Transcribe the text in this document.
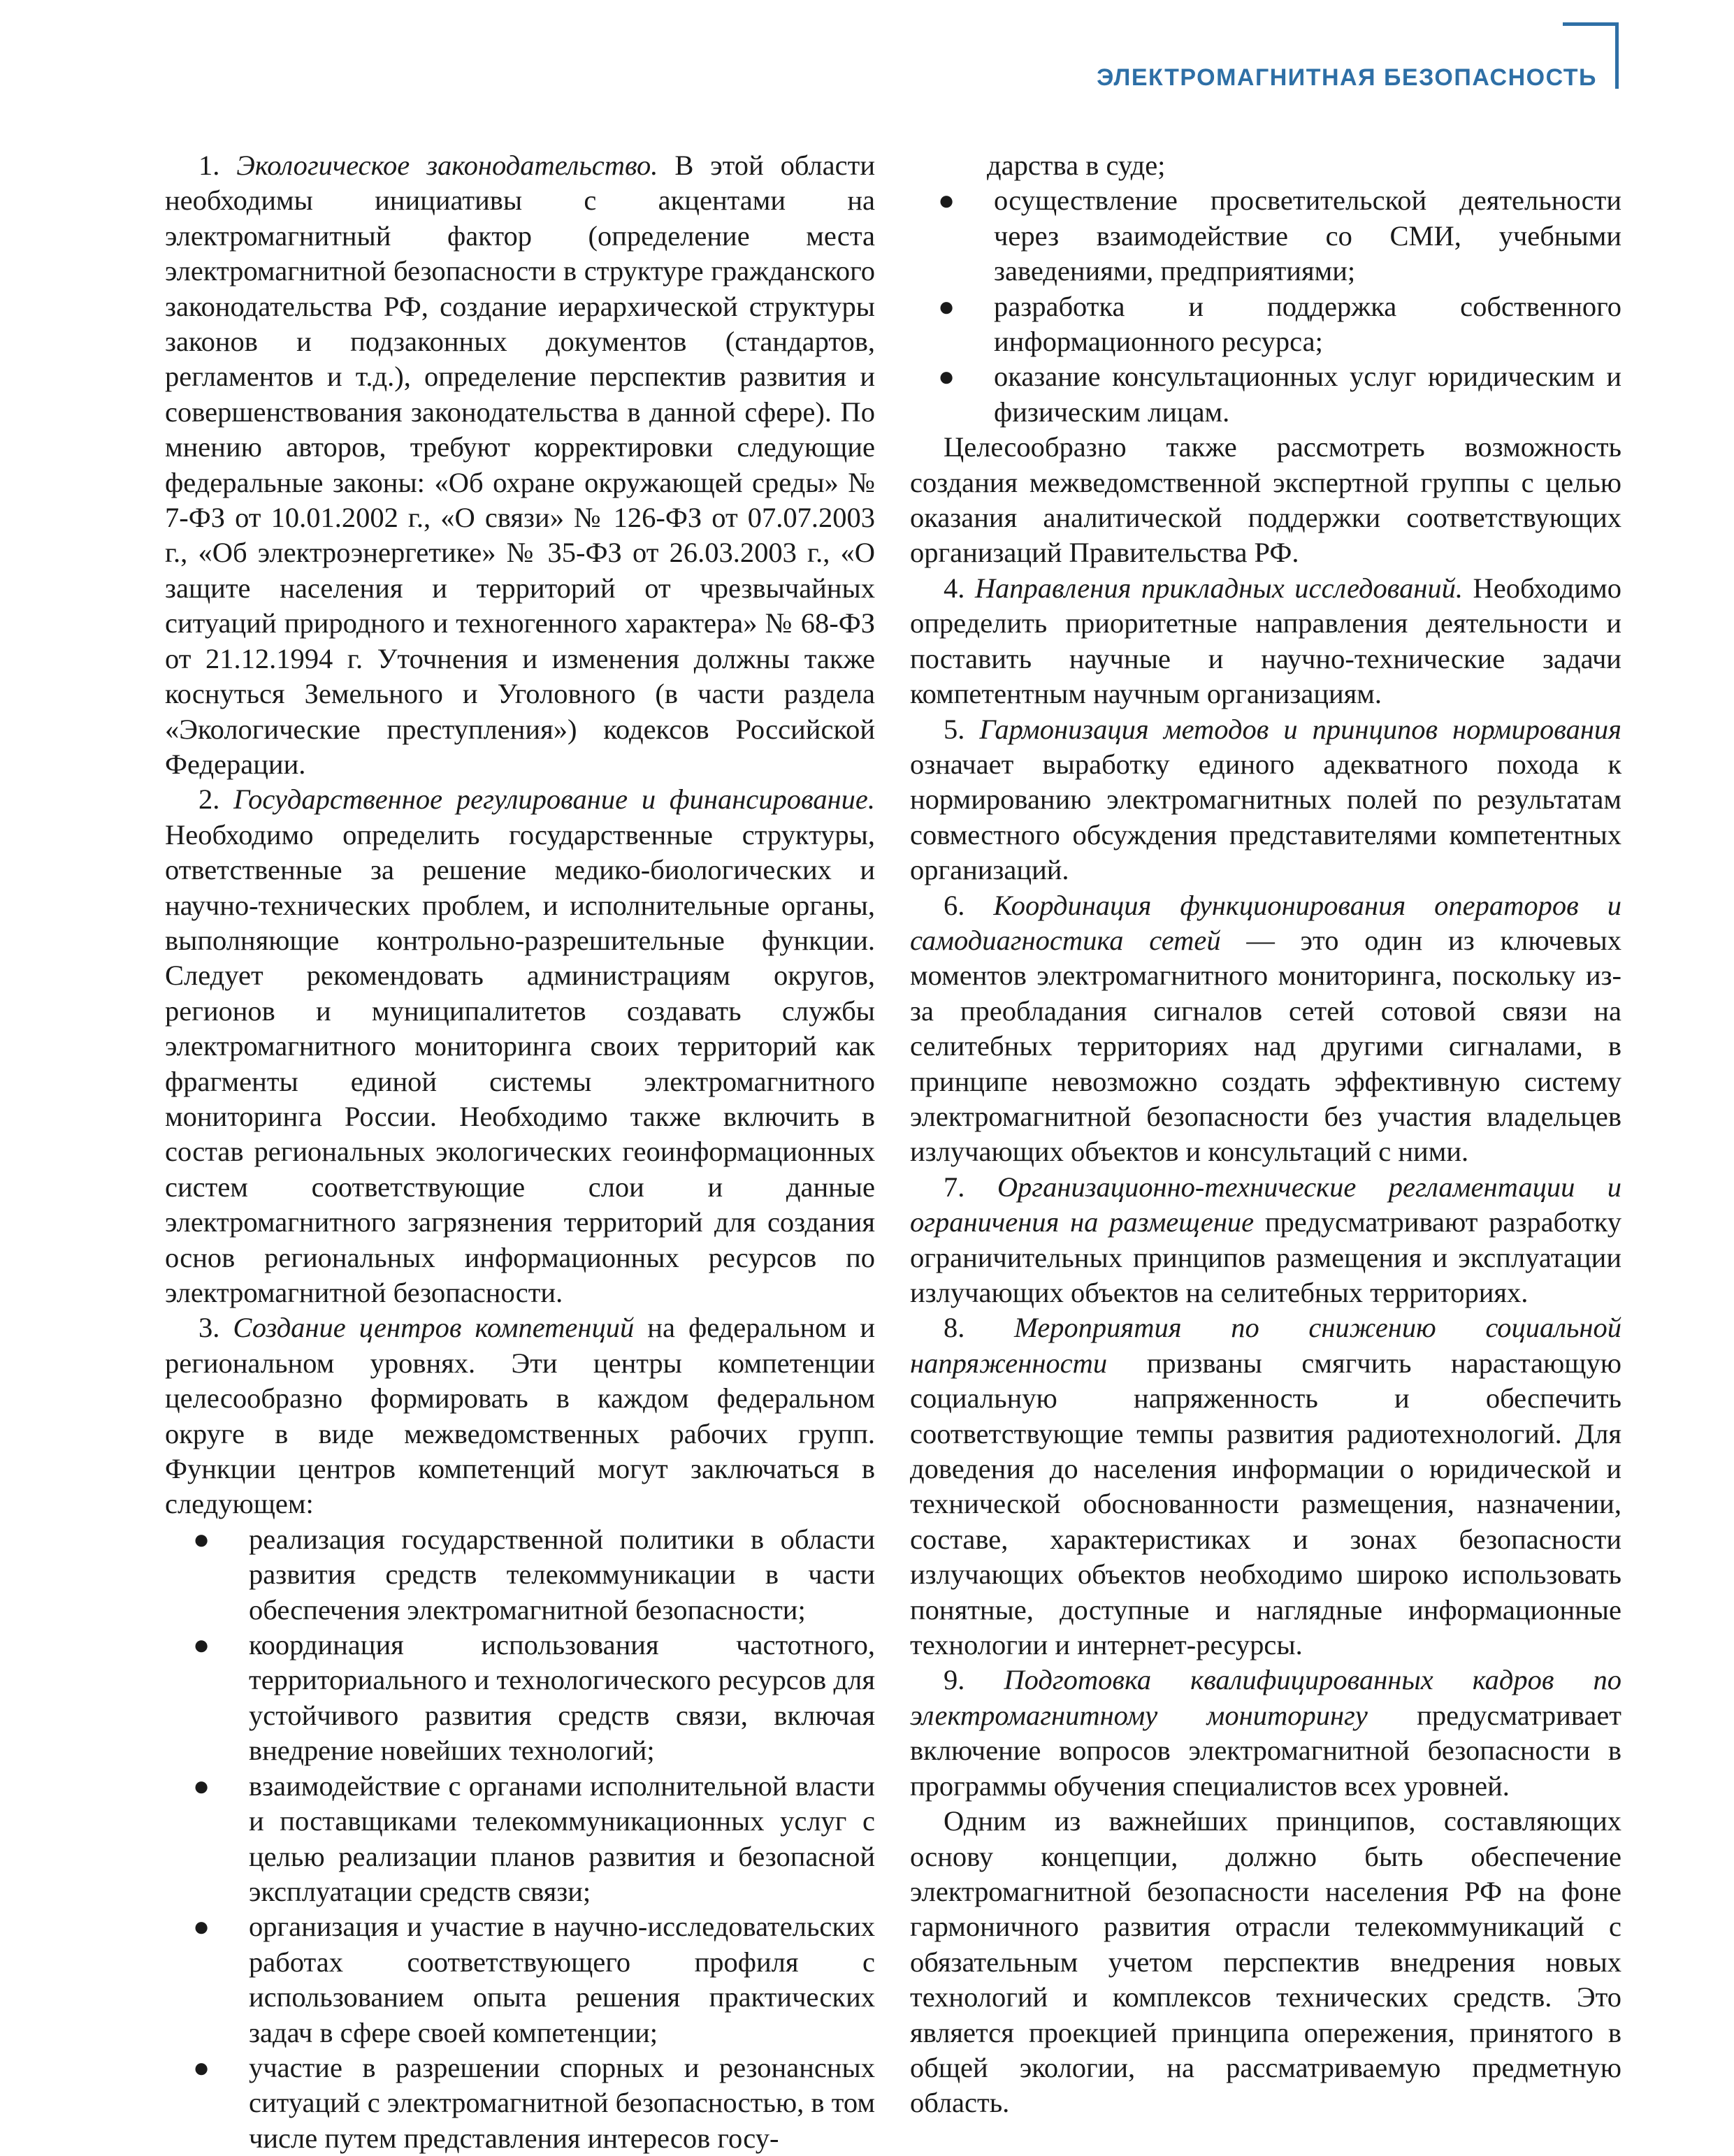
ЭЛЕКТРОМАГНИТНАЯ БЕЗОПАСНОСТЬ

1. Экологическое законодательство. В этой области необходимы инициативы с акцентами на электромагнитный фактор (определение места электромагнитной безопасности в структуре гражданского законодательства РФ, создание иерархической структуры законов и подзаконных документов (стандартов, регламентов и т.д.), определение перспектив развития и совершенствования законодательства в данной сфере). По мнению авторов, требуют корректировки следующие федеральные законы: «Об охране окружающей среды» № 7-ФЗ от 10.01.2002 г., «О связи» № 126-ФЗ от 07.07.2003 г., «Об электроэнергетике» № 35-ФЗ от 26.03.2003 г., «О защите населения и территорий от чрезвычайных ситуаций природного и техногенного характера» № 68-ФЗ от 21.12.1994 г. Уточнения и изменения должны также коснуться Земельного и Уголовного (в части раздела «Экологические преступления») кодексов Российской Федерации.

2. Государственное регулирование и финансирование. Необходимо определить государственные структуры, ответственные за решение медико-биологических и научно-технических проблем, и исполнительные органы, выполняющие контрольно-разрешительные функции. Следует рекомендовать администрациям округов, регионов и муниципалитетов создавать службы электромагнитного мониторинга своих территорий как фрагменты единой системы электромагнитного мониторинга России. Необходимо также включить в состав региональных экологических геоинформационных систем соответствующие слои и данные электромагнитного загрязнения территорий для создания основ региональных информационных ресурсов по электромагнитной безопасности.

3. Создание центров компетенций на федеральном и региональном уровнях. Эти центры компетенции целесообразно формировать в каждом федеральном округе в виде межведомственных рабочих групп. Функции центров компетенций могут заключаться в следующем:

● реализация государственной политики в области развития средств телекоммуникации в части обеспечения электромагнитной безопасности;
● координация использования частотного, территориального и технологического ресурсов для устойчивого развития средств связи, включая внедрение новейших технологий;
● взаимодействие с органами исполнительной власти и поставщиками телекоммуникационных услуг с целью реализации планов развития и безопасной эксплуатации средств связи;
● организация и участие в научно-исследовательских работах соответствующего профиля с использованием опыта решения практических задач в сфере своей компетенции;
● участие в разрешении спорных и резонансных ситуаций с электромагнитной безопасностью, в том числе путем представления интересов госу-

дарства в суде;

● осуществление просветительской деятельности через взаимодействие со СМИ, учебными заведениями, предприятиями;
● разработка и поддержка собственного информационного ресурса;
● оказание консультационных услуг юридическим и физическим лицам.

Целесообразно также рассмотреть возможность создания межведомственной экспертной группы с целью оказания аналитической поддержки соответствующих организаций Правительства РФ.

4. Направления прикладных исследований. Необходимо определить приоритетные направления деятельности и поставить научные и научно-технические задачи компетентным научным организациям.

5. Гармонизация методов и принципов нормирования означает выработку единого адекватного похода к нормированию электромагнитных полей по результатам совместного обсуждения представителями компетентных организаций.

6. Координация функционирования операторов и самодиагностика сетей — это один из ключевых моментов электромагнитного мониторинга, поскольку из-за преобладания сигналов сетей сотовой связи на селитебных территориях над другими сигналами, в принципе невозможно создать эффективную систему электромагнитной безопасности без участия владельцев излучающих объектов и консультаций с ними.

7. Организационно-технические регламентации и ограничения на размещение предусматривают разработку ограничительных принципов размещения и эксплуатации излучающих объектов на селитебных территориях.

8. Мероприятия по снижению социальной напряженности призваны смягчить нарастающую социальную напряженность и обеспечить соответствующие темпы развития радиотехнологий. Для доведения до населения информации о юридической и технической обоснованности размещения, назначении, составе, характеристиках и зонах безопасности излучающих объектов необходимо широко использовать понятные, доступные и наглядные информационные технологии и интернет-ресурсы.

9. Подготовка квалифицированных кадров по электромагнитному мониторингу предусматривает включение вопросов электромагнитной безопасности в программы обучения специалистов всех уровней.

Одним из важнейших принципов, составляющих основу концепции, должно быть обеспечение электромагнитной безопасности населения РФ на фоне гармоничного развития отрасли телекоммуникаций с обязательным учетом перспектив внедрения новых технологий и комплексов технических средств. Это является проекцией принципа опережения, принятого в общей экологии, на рассматриваемую предметную область.
